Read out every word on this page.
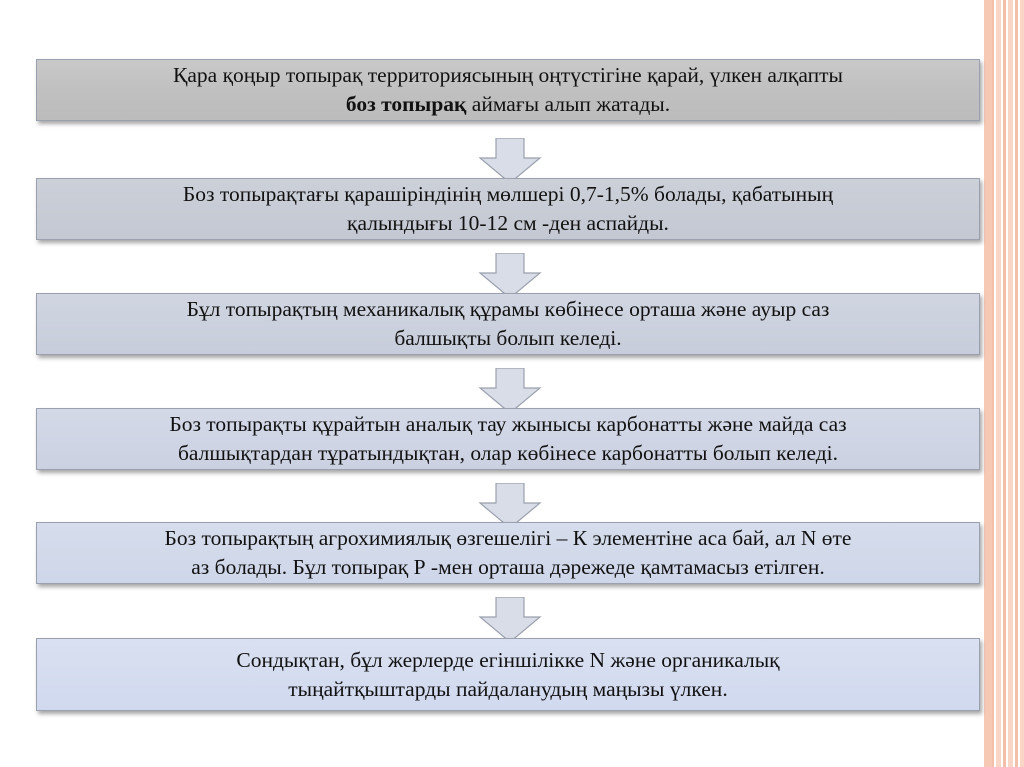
Қара қоңыр топырақ территориясының оңтүстігіне қарай, үлкен алқапты
боз топырақ аймағы алып жатады.
Боз топырақтағы қарашiрiндiнiң мөлшерi 0,7-1,5% болады, қабатының
қалындығы 10-12 см -ден аспайды.
Бұл топырақтың механикалық құрамы көбiнесе орташа және ауыр саз
балшықты болып келедi.
Боз топырақты құрайтын аналық тау жынысы карбонатты және майда саз
балшықтардан тұратындықтан, олар көбiнесе карбонатты болып келедi.
Боз топырақтың агрохимиялық өзгешелiгi – К элементiне аса бай, ал N өте
аз болады. Бұл топырақ Р -мен орташа дәрежеде қамтамасыз етiлген.
Сондықтан, бұл жерлерде егiншiлiкке N және органикалық
тыңайтқыштарды пайдаланудың маңызы үлкен.
